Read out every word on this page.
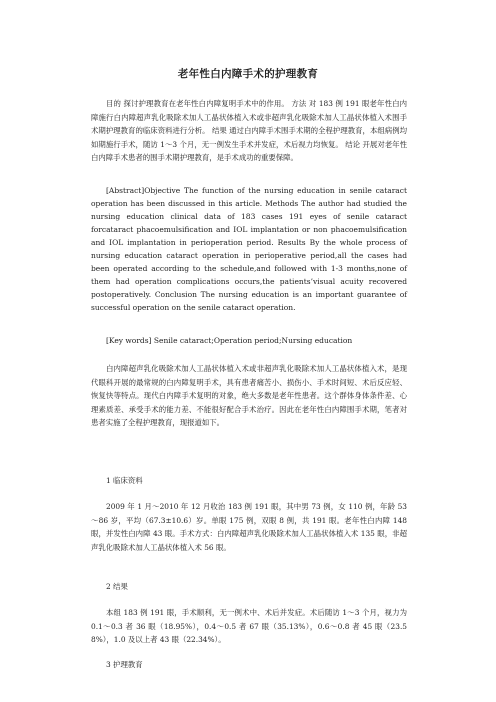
老年性白内障手术的护理教育
目的 探讨护理教育在老年性白内障复明手术中的作用。 方法 对 183 例 191 眼老年性白内障施行白内障超声乳化吸除术加人工晶状体植入术或非超声乳化吸除术加人工晶状体植入术围手术期护理教育的临床资料进行分析。 结果 通过白内障手术围手术期的全程护理教育，本组病例均如期施行手术，随访 1～3 个月，无一例发生手术并发症，术后视力均恢复。 结论 开展对老年性白内障手术患者的围手术期护理教育，是手术成功的重要保障。
[Abstract]Objective The function of the nursing education in senile cataract operation has been discussed in this article. Methods The author had studied the nursing education clinical data of 183 cases 191 eyes of senile cataract forcataract phacoemulsification and IOL implantation or non phacoemulsification and IOL implantation in perioperation period. Results By the whole process of nursing education cataract operation in perioperative period,all the cases had been operated according to the schedule,and followed with 1-3 months,none of them had operation complications occurs,the patients’visual acuity recovered postoperatively. Conclusion The nursing education is an important guarantee of successful operation on the senile cataract operation.
[Key words] Senile cataract;Operation period;Nursing education
白内障超声乳化吸除术加人工晶状体植入术或非超声乳化吸除术加人工晶状体植入术，是现代眼科开展的最常规的白内障复明手术，具有患者痛苦小、损伤小、手术时间短、术后反应轻、恢复快等特点。现代白内障手术复明的对象，绝大多数是老年性患者。这个群体身体条件差、心理素质差、承受手术的能力差、不能很好配合手术治疗。因此在老年性白内障围手术期，笔者对患者实施了全程护理教育，现报道如下。
1 临床资料
2009 年 1 月～2010 年 12 月收治 183 例 191 眼，其中男 73 例，女 110 例，年龄 53～86 岁，平均（67.3±10.6）岁。单眼 175 例，双眼 8 例，共 191 眼。老年性白内障 148 眼，并发性白内障 43 眼。手术方式：白内障超声乳化吸除术加人工晶状体植入术 135 眼，非超声乳化吸除术加人工晶状体植入术 56 眼。
2 结果
本组 183 例 191 眼，手术顺利，无一例术中、术后并发症。术后随访 1～3 个月，视力为 0.1～0.3 者 36 眼（18.95%），0.4～0.5 者 67 眼（35.13%），0.6～0.8 者 45 眼（23.58%），1.0 及以上者 43 眼（22.34%）。
3 护理教育
